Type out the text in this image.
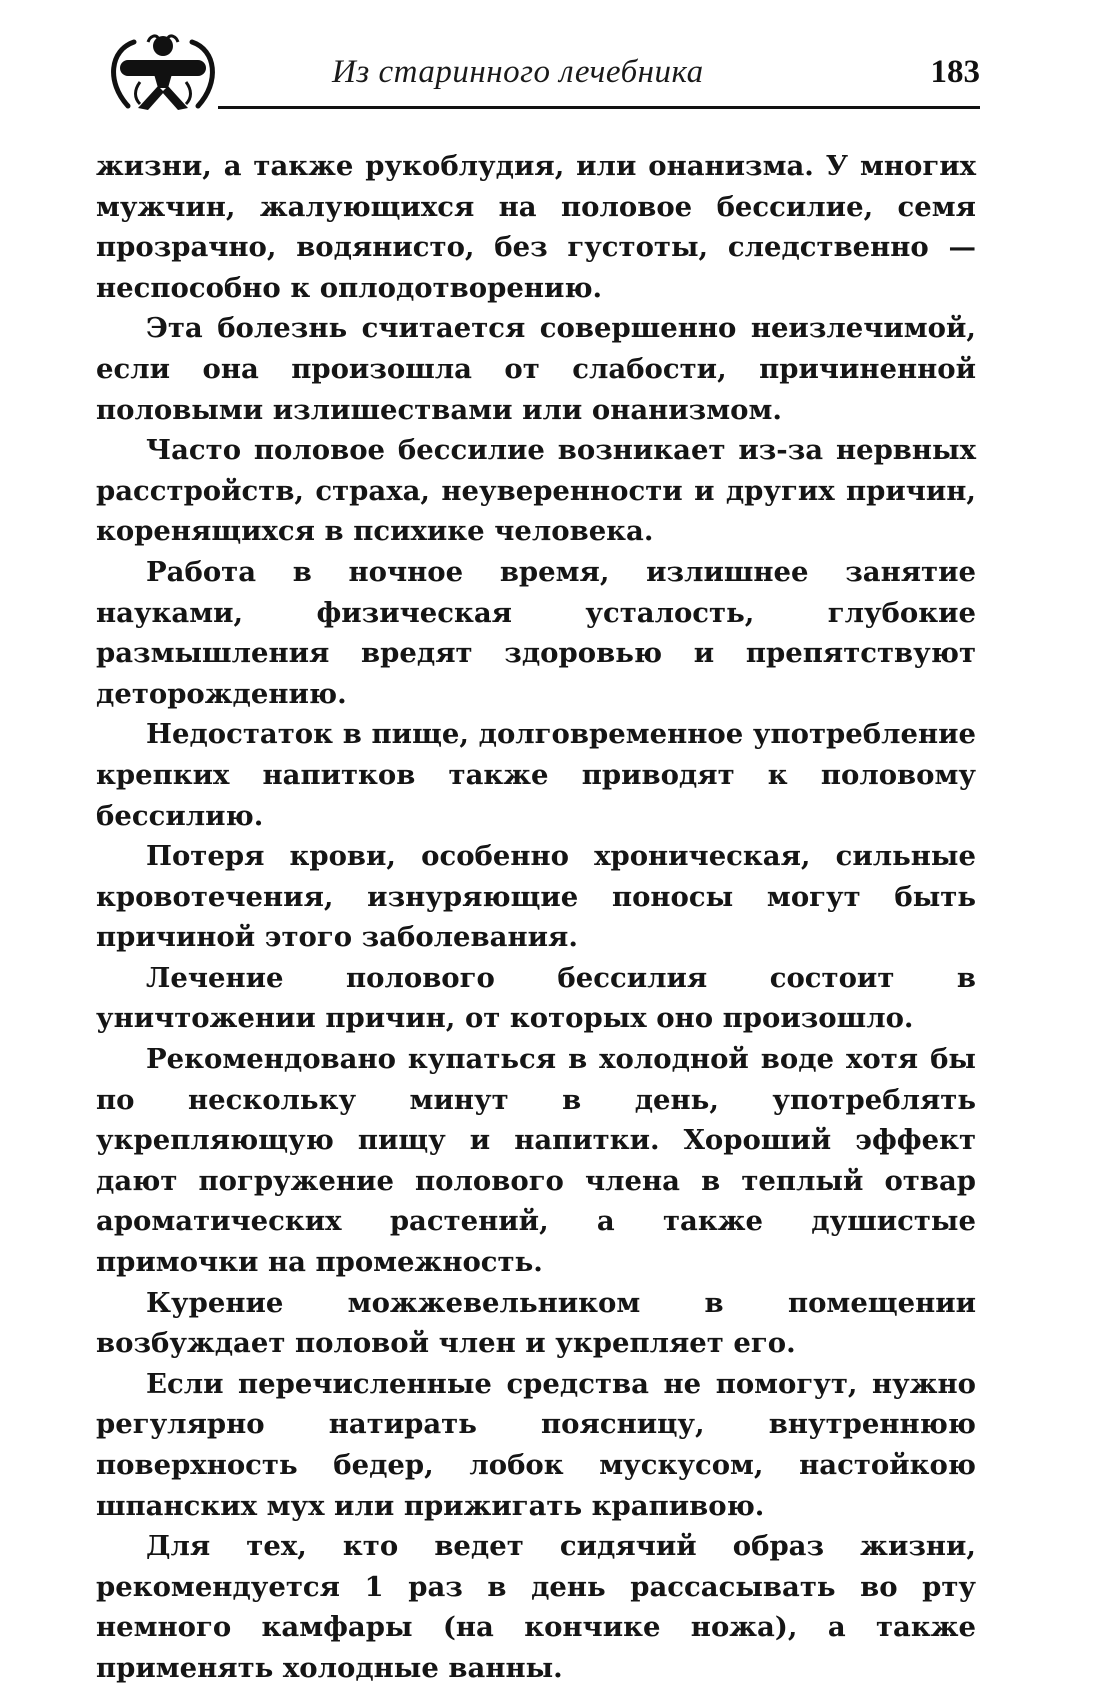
Из старинного лечебника	183

жизни, а также рукоблудия, или онанизма. У многих мужчин, жалующихся на половое бессилие, семя прозрачно, водянисто, без густоты, следственно — неспособно к оплодотворению.

Эта болезнь считается совершенно неизлечимой, если она произошла от слабости, причиненной половыми излишествами или онанизмом.

Часто половое бессилие возникает из-за нервных расстройств, страха, неуверенности и других причин, коренящихся в психике человека.

Работа в ночное время, излишнее занятие науками, физическая усталость, глубокие размышления вредят здоровью и препятствуют деторождению.

Недостаток в пище, долговременное употребление крепких напитков также приводят к половому бессилию.

Потеря крови, особенно хроническая, сильные кровотечения, изнуряющие поносы могут быть причиной этого заболевания.

Лечение полового бессилия состоит в уничтожении причин, от которых оно произошло.

Рекомендовано купаться в холодной воде хотя бы по нескольку минут в день, употреблять укрепляющую пищу и напитки. Хороший эффект дают погружение полового члена в теплый отвар ароматических растений, а также душистые примочки на промежность.

Курение можжевельником в помещении возбуждает половой член и укрепляет его.

Если перечисленные средства не помогут, нужно регулярно натирать поясницу, внутреннюю поверхность бедер, лобок мускусом, настойкою шпанских мух или прижигать крапивою.

Для тех, кто ведет сидячий образ жизни, рекомендуется 1 раз в день рассасывать во рту немного камфары (на кончике ножа), а также применять холодные ванны.
